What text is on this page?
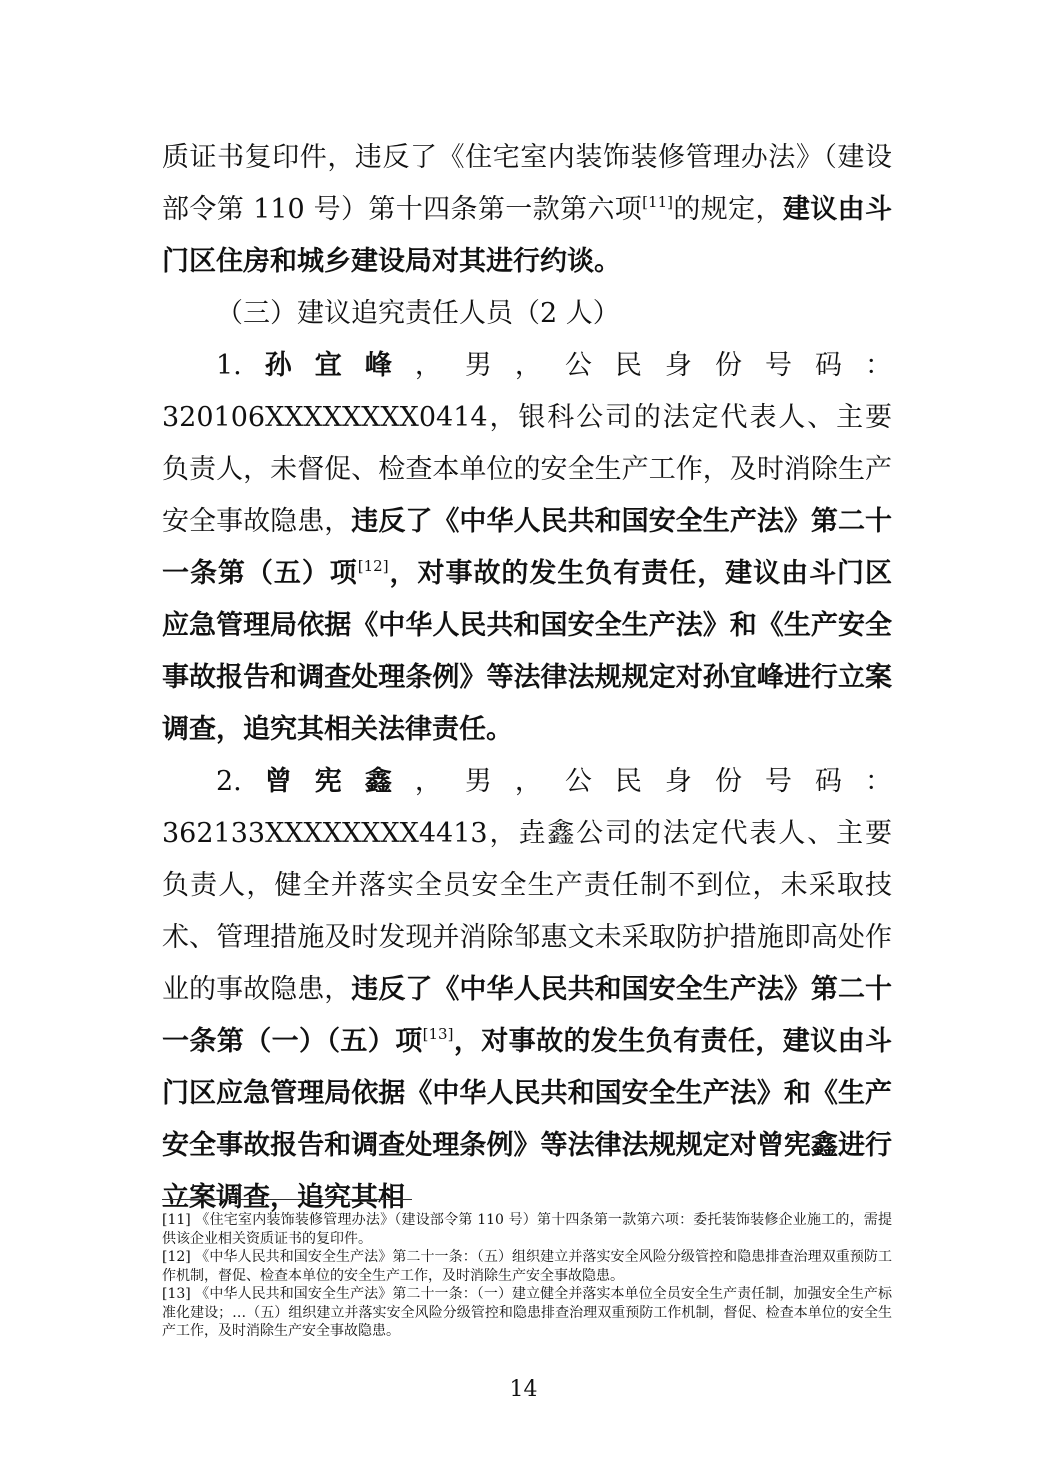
质证书复印件，违反了《住宅室内装饰装修管理办法》（建设部令第 110 号）第十四条第一款第六项[11]的规定，建议由斗门区住房和城乡建设局对其进行约谈。

（三）建议追究责任人员（2 人）

1.孙宜峰，男，公民身份号码：320106XXXXXXXX0414，银科公司的法定代表人、主要负责人，未督促、检查本单位的安全生产工作，及时消除生产安全事故隐患，违反了《中华人民共和国安全生产法》第二十一条第（五）项[12]，对事故的发生负有责任，建议由斗门区应急管理局依据《中华人民共和国安全生产法》和《生产安全事故报告和调查处理条例》等法律法规规定对孙宜峰进行立案调查，追究其相关法律责任。

2.曾宪鑫，男，公民身份号码：362133XXXXXXXX4413，垚鑫公司的法定代表人、主要负责人，健全并落实全员安全生产责任制不到位，未采取技术、管理措施及时发现并消除邹惠文未采取防护措施即高处作业的事故隐患，违反了《中华人民共和国安全生产法》第二十一条第（一）（五）项[13]，对事故的发生负有责任，建议由斗门区应急管理局依据《中华人民共和国安全生产法》和《生产安全事故报告和调查处理条例》等法律法规规定对曾宪鑫进行立案调查，追究其相

[11] 《住宅室内装饰装修管理办法》（建设部令第 110 号）第十四条第一款第六项：委托装饰装修企业施工的，需提供该企业相关资质证书的复印件。

[12] 《中华人民共和国安全生产法》第二十一条：（五）组织建立并落实安全风险分级管控和隐患排查治理双重预防工作机制，督促、检查本单位的安全生产工作，及时消除生产安全事故隐患。

[13] 《中华人民共和国安全生产法》第二十一条：（一）建立健全并落实本单位全员安全生产责任制，加强安全生产标准化建设；…（五）组织建立并落实安全风险分级管控和隐患排查治理双重预防工作机制，督促、检查本单位的安全生产工作，及时消除生产安全事故隐患。

14
